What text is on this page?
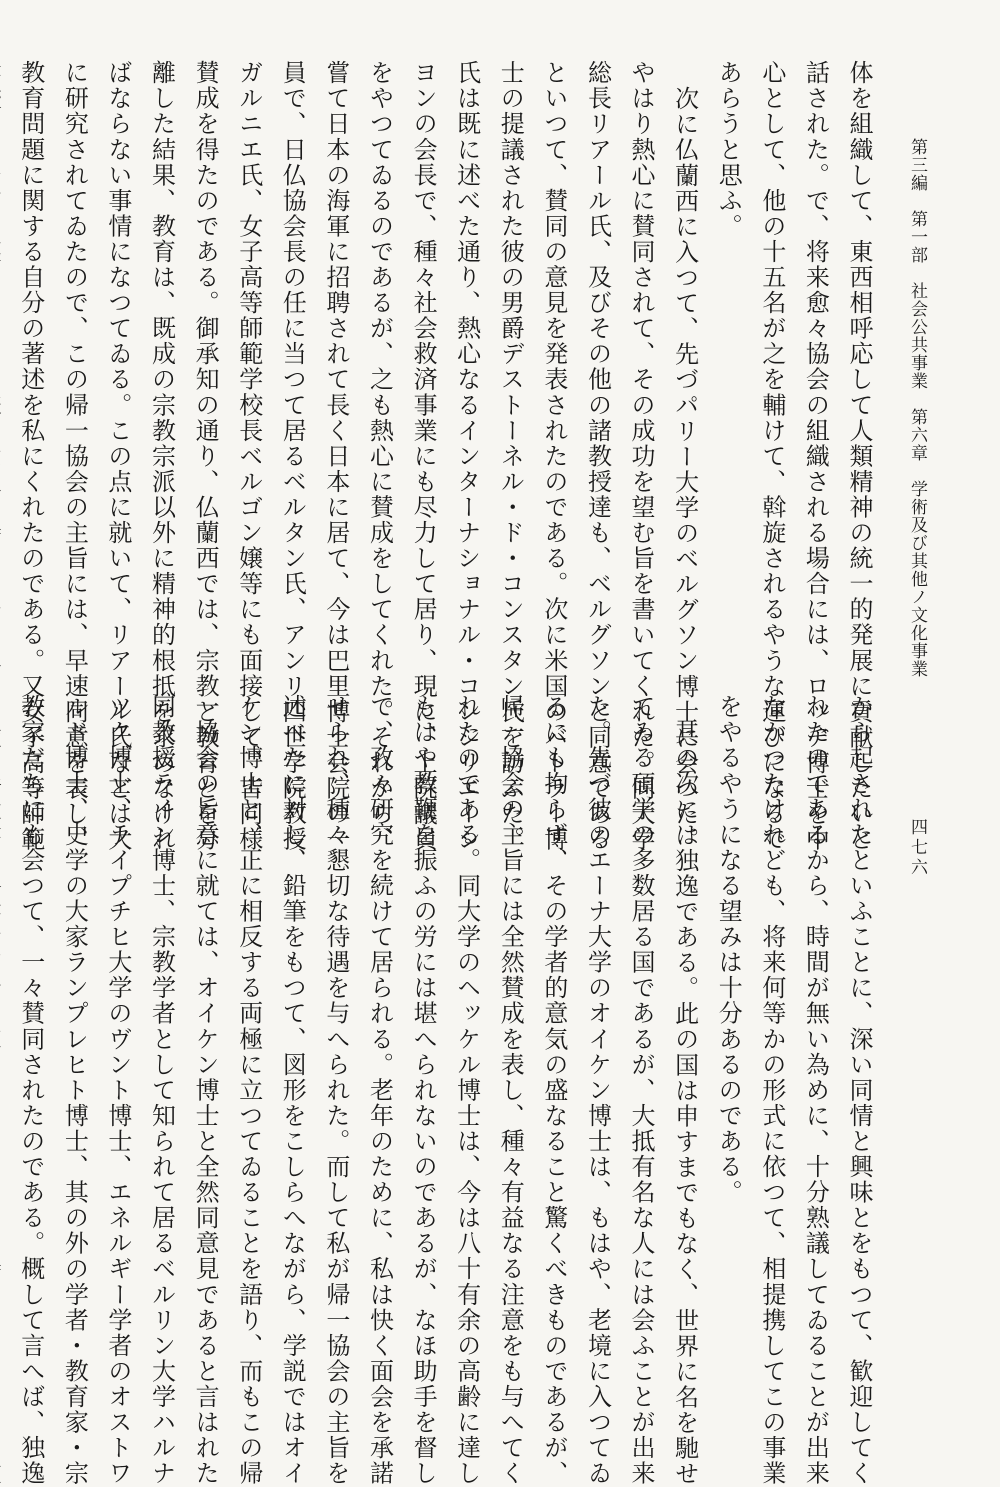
第三編　第一部　社会公共事業　第六章　学術及び其他ノ文化事業
四七六

体を組織して、東西相呼応して人類精神の統一的発展に貢献したいと

話された。で、将来愈々協会の組織される場合には、ロッヂ博士を中

心として、他の十五名が之を輔けて、斡旋されるやうな運びになるで

あらうと思ふ。

次に仏蘭西に入つて、先づパリー大学のベルグソン博士に会つた。

やはり熱心に賛同されて、その成功を望む旨を書いてくれた。同大学

総長リアール氏、及びその他の諸教授達も、ベルグソンと同意である

といつて、賛同の意見を発表されたのである。次に米国のバトラー博

士の提議された彼の男爵デストーネル・ド・コンスタン氏を訪ふた。

氏は既に述べた通り、熱心なるインターナショナル・コンシリエーシ

ヨンの会長で、種々社会救済事業にも尽力して居り、現に、上院議員

をやつてゐるのであるが、之も熱心に賛成をしてくれた。それから、

嘗て日本の海軍に招聘されて長く日本に居て、今は巴里博士会院の一

員で、日仏協会長の任に当つて居るベルタン氏、アンリ四世学院教授

ガルニエ氏、女子高等師範学校長ベルゴン嬢等にも面接して、皆同様

賛成を得たのである。御承知の通り、仏蘭西では、宗教と教育とを分

離した結果、教育は、既成の宗教宗派以外に精神的根抵を求めなけれ

ばならない事情になつてゐる。この点に就いて、リアール氏などは大

に研究されてゐたので、この帰一協会の主旨には、早速同意を表し、

教育問題に関する自分の著述を私にくれたのである。又女子高等師範

から起されたといふことに、深い同情と興味とをもつて、歓迎してく

れたのであるから、時間が無い為めに、十分熟議してゐることが出来

なかつたけれども、将来何等かの形式に依つて、相提携してこの事業

をやるやうになる望みは十分あるのである。

其の次には独逸である。此の国は申すまでもなく、世界に名を馳せ

てゐる碩学の多数居る国であるが、大抵有名な人には会ふことが出来

た。先づ彼のエーナ大学のオイケン博士は、もはや、老境に入つてゐ

るにも拘らず、その学者的意気の盛なること驚くべきものであるが、

帰一協会の主旨には全然賛成を表し、種々有益なる注意をも与へてく

れたのである。同大学のヘッケル博士は、今は八十有余の高齢に達し

もはや教鞭を振ふの労には堪へられないのであるが、なほ助手を督し

て、孜々研究を続けて居られる。老年のために、私は快く面会を承諾

せられ、種々懇切な待遇を与へられた。而して私が帰一協会の主旨を

述べたに対し、鉛筆をもつて、図形をこしらへながら、学説ではオイ

ケン博士と、正に相反する両極に立つてゐることを語り、而もこの帰

一協会の旨意に就ては、オイケン博士と全然同意見であると言はれた

同教授ライン博士、宗教学者として知られて居るベルリン大学ハルナ

ツク博士、ライプチヒ大学のヴント博士、エネルギー学者のオストワ

ルド博士、史学の大家ランプレヒト博士、其の外の学者・教育家・宗

教家だちにも会つて、一々賛同されたのである。概して言へば、独逸
